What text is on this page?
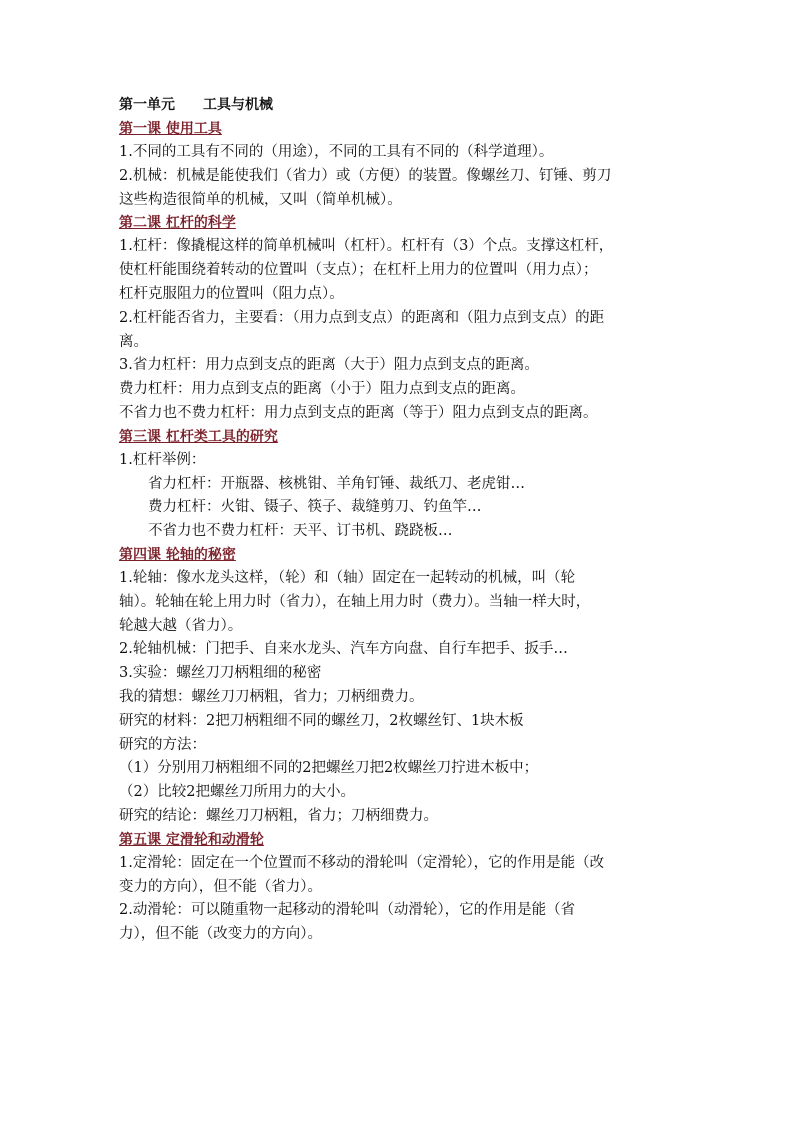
第一单元　　工具与机械
第一课 使用工具
1.不同的工具有不同的（用途），不同的工具有不同的（科学道理）。
2.机械：机械是能使我们（省力）或（方便）的装置。像螺丝刀、钉锤、剪刀
这些构造很简单的机械，又叫（简单机械）。
第二课 杠杆的科学
1.杠杆：像撬棍这样的简单机械叫（杠杆）。杠杆有（3）个点。支撑这杠杆，
使杠杆能围绕着转动的位置叫（支点）；在杠杆上用力的位置叫（用力点）；
杠杆克服阻力的位置叫（阻力点）。
2.杠杆能否省力，主要看：（用力点到支点）的距离和（阻力点到支点）的距
离。
3.省力杠杆：用力点到支点的距离（大于）阻力点到支点的距离。
费力杠杆：用力点到支点的距离（小于）阻力点到支点的距离。
不省力也不费力杠杆：用力点到支点的距离（等于）阻力点到支点的距离。
第三课 杠杆类工具的研究
1.杠杆举例：
省力杠杆：开瓶器、核桃钳、羊角钉锤、裁纸刀、老虎钳…
费力杠杆：火钳、镊子、筷子、裁缝剪刀、钓鱼竿…
不省力也不费力杠杆：天平、订书机、跷跷板…
第四课 轮轴的秘密
1.轮轴：像水龙头这样，（轮）和（轴）固定在一起转动的机械，叫（轮
轴）。轮轴在轮上用力时（省力），在轴上用力时（费力）。当轴一样大时，
轮越大越（省力）。
2.轮轴机械：门把手、自来水龙头、汽车方向盘、自行车把手、扳手…
3.实验：螺丝刀刀柄粗细的秘密
我的猜想：螺丝刀刀柄粗，省力；刀柄细费力。
研究的材料：2把刀柄粗细不同的螺丝刀，2枚螺丝钉、1块木板
研究的方法：
（1）分别用刀柄粗细不同的2把螺丝刀把2枚螺丝刀拧进木板中；
（2）比较2把螺丝刀所用力的大小。
研究的结论：螺丝刀刀柄粗，省力；刀柄细费力。
第五课 定滑轮和动滑轮
1.定滑轮：固定在一个位置而不移动的滑轮叫（定滑轮），它的作用是能（改
变力的方向），但不能（省力）。
2.动滑轮：可以随重物一起移动的滑轮叫（动滑轮），它的作用是能（省
力），但不能（改变力的方向）。
